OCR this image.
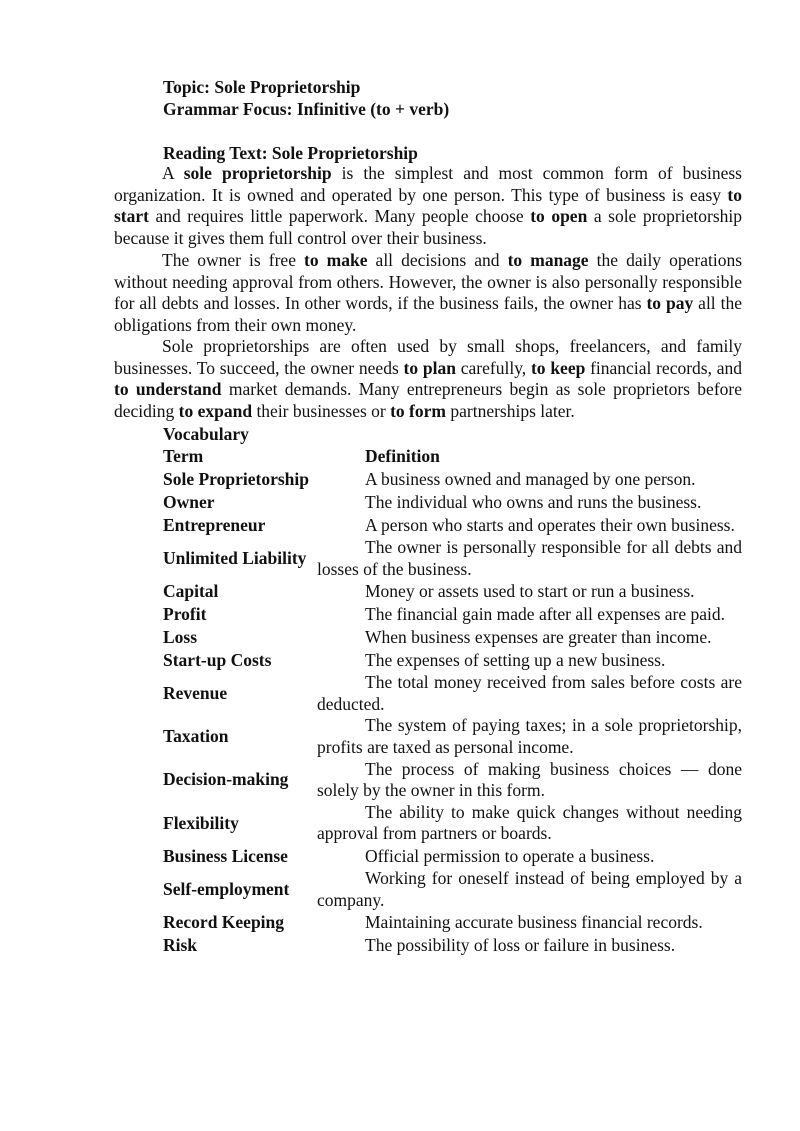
Topic: Sole Proprietorship
Grammar Focus: Infinitive (to + verb)
Reading Text: Sole Proprietorship

A sole proprietorship is the simplest and most common form of business organization. It is owned and operated by one person. This type of business is easy to start and requires little paperwork. Many people choose to open a sole proprietorship because it gives them full control over their business.

The owner is free to make all decisions and to manage the daily operations without needing approval from others. However, the owner is also personally responsible for all debts and losses. In other words, if the business fails, the owner has to pay all the obligations from their own money.

Sole proprietorships are often used by small shops, freelancers, and family businesses. To succeed, the owner needs to plan carefully, to keep financial records, and to understand market demands. Many entrepreneurs begin as sole proprietors before deciding to expand their businesses or to form partnerships later.

Vocabulary
Term	Definition
Sole Proprietorship	A business owned and managed by one person.
Owner	The individual who owns and runs the business.
Entrepreneur	A person who starts and operates their own business.
Unlimited Liability	The owner is personally responsible for all debts and losses of the business.
Capital	Money or assets used to start or run a business.
Profit	The financial gain made after all expenses are paid.
Loss	When business expenses are greater than income.
Start-up Costs	The expenses of setting up a new business.
Revenue	The total money received from sales before costs are deducted.
Taxation	The system of paying taxes; in a sole proprietorship, profits are taxed as personal income.
Decision-making	The process of making business choices — done solely by the owner in this form.
Flexibility	The ability to make quick changes without needing approval from partners or boards.
Business License	Official permission to operate a business.
Self-employment	Working for oneself instead of being employed by a company.
Record Keeping	Maintaining accurate business financial records.
Risk	The possibility of loss or failure in business.
